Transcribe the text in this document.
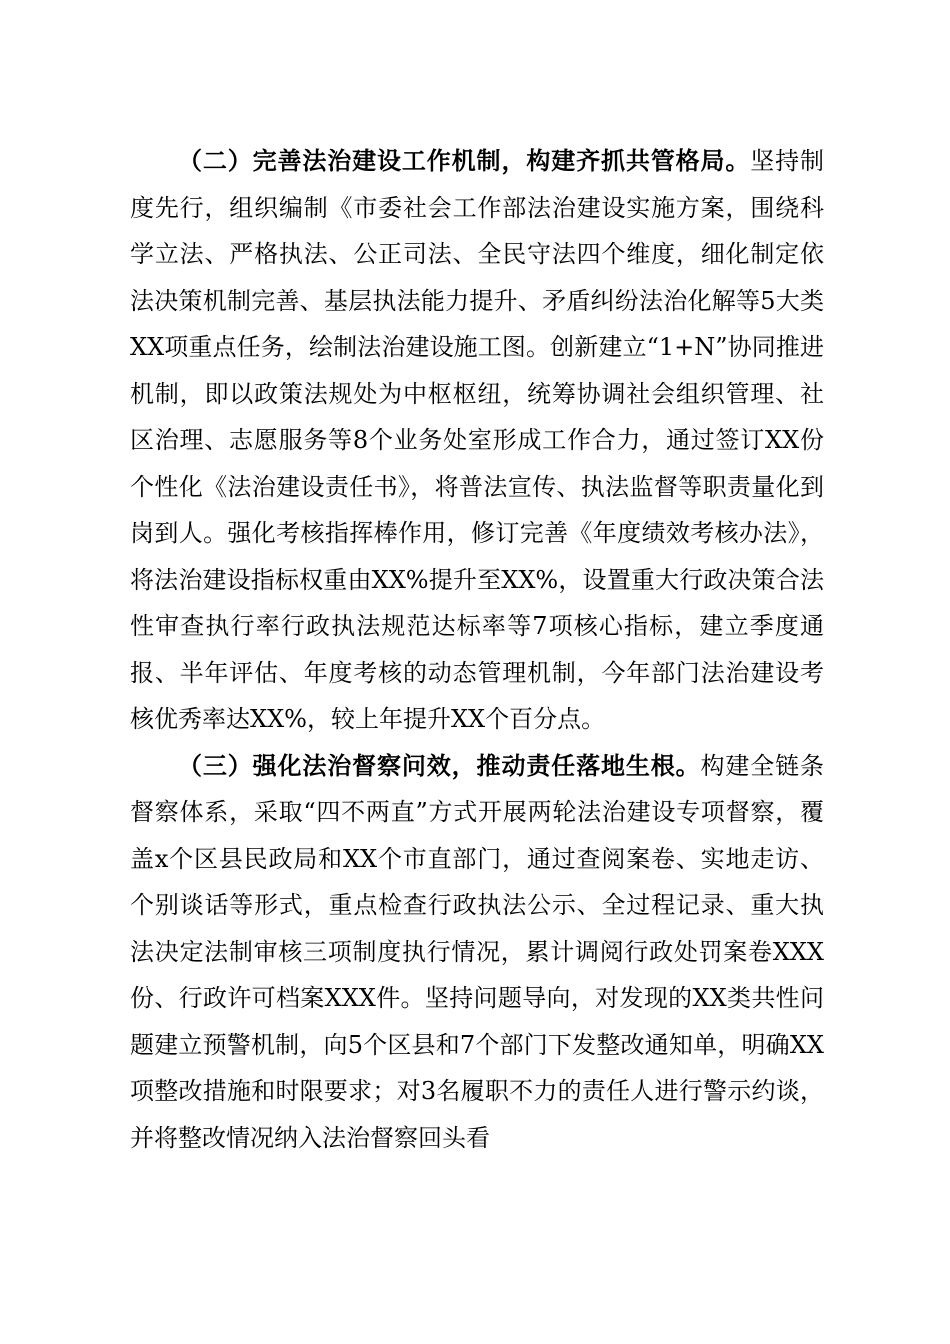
（二）完善法治建设工作机制，构建齐抓共管格局。坚持制度先行，组织编制《市委社会工作部法治建设实施方案，围绕科学立法、严格执法、公正司法、全民守法四个维度，细化制定依法决策机制完善、基层执法能力提升、矛盾纠纷法治化解等5大类XX项重点任务，绘制法治建设施工图。创新建立“1+N”协同推进机制，即以政策法规处为中枢枢纽，统筹协调社会组织管理、社区治理、志愿服务等8个业务处室形成工作合力，通过签订XX份个性化《法治建设责任书》，将普法宣传、执法监督等职责量化到岗到人。强化考核指挥棒作用，修订完善《年度绩效考核办法》，将法治建设指标权重由XX%提升至XX%，设置重大行政决策合法性审查执行率行政执法规范达标率等7项核心指标，建立季度通报、半年评估、年度考核的动态管理机制，今年部门法治建设考核优秀率达XX%，较上年提升XX个百分点。

（三）强化法治督察问效，推动责任落地生根。构建全链条督察体系，采取“四不两直”方式开展两轮法治建设专项督察，覆盖x个区县民政局和XX个市直部门，通过查阅案卷、实地走访、个别谈话等形式，重点检查行政执法公示、全过程记录、重大执法决定法制审核三项制度执行情况，累计调阅行政处罚案卷XXX份、行政许可档案XXX件。坚持问题导向，对发现的XX类共性问题建立预警机制，向5个区县和7个部门下发整改通知单，明确XX项整改措施和时限要求；对3名履职不力的责任人进行警示约谈，并将整改情况纳入法治督察回头看
